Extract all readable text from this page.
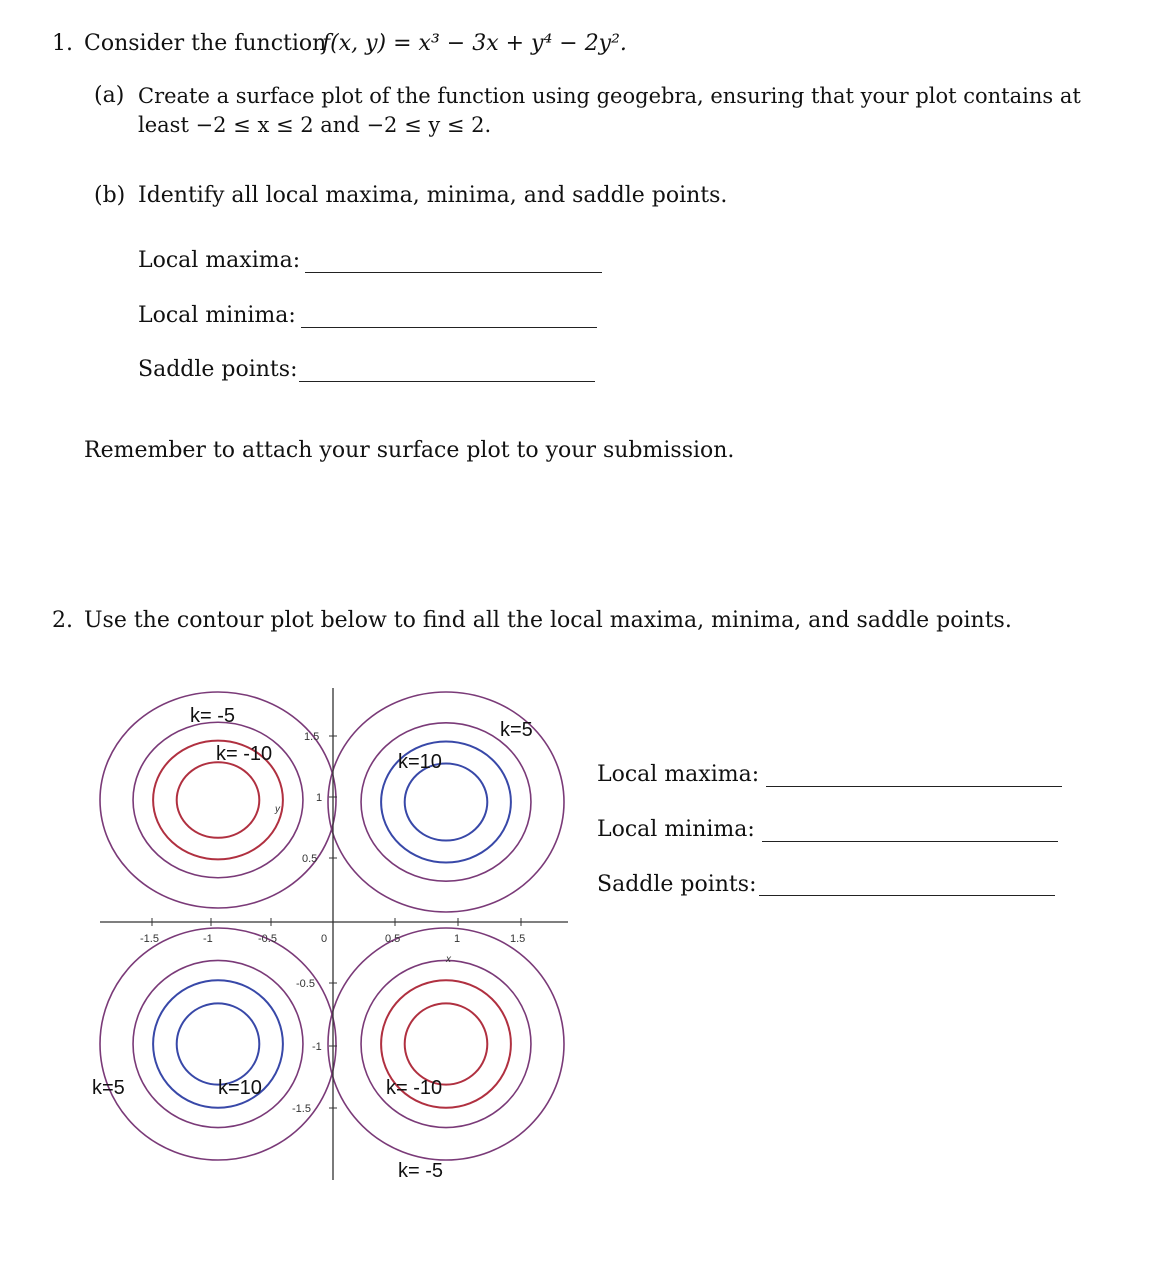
1. Consider the function
f(x, y) = x³ − 3x + y⁴ − 2y².
(a) Create a surface plot of the function using geogebra, ensuring that your plot contains at
least −2 ≤ x ≤ 2 and −2 ≤ y ≤ 2.
(b) Identify all local maxima, minima, and saddle points.
Local maxima:
Local minima:
Saddle points:
Remember to attach your surface plot to your submission.
2. Use the contour plot below to find all the local maxima, minima, and saddle points.
Local maxima:
Local minima:
Saddle points:
-1.5	-1	-0.5	0	0.5	1	1.5
x
y
1.5
1
0.5
-0.5
-1
-1.5
k= -5
k= -10	k=10
k=5
k=5	k=10	k= -10
k= -5
